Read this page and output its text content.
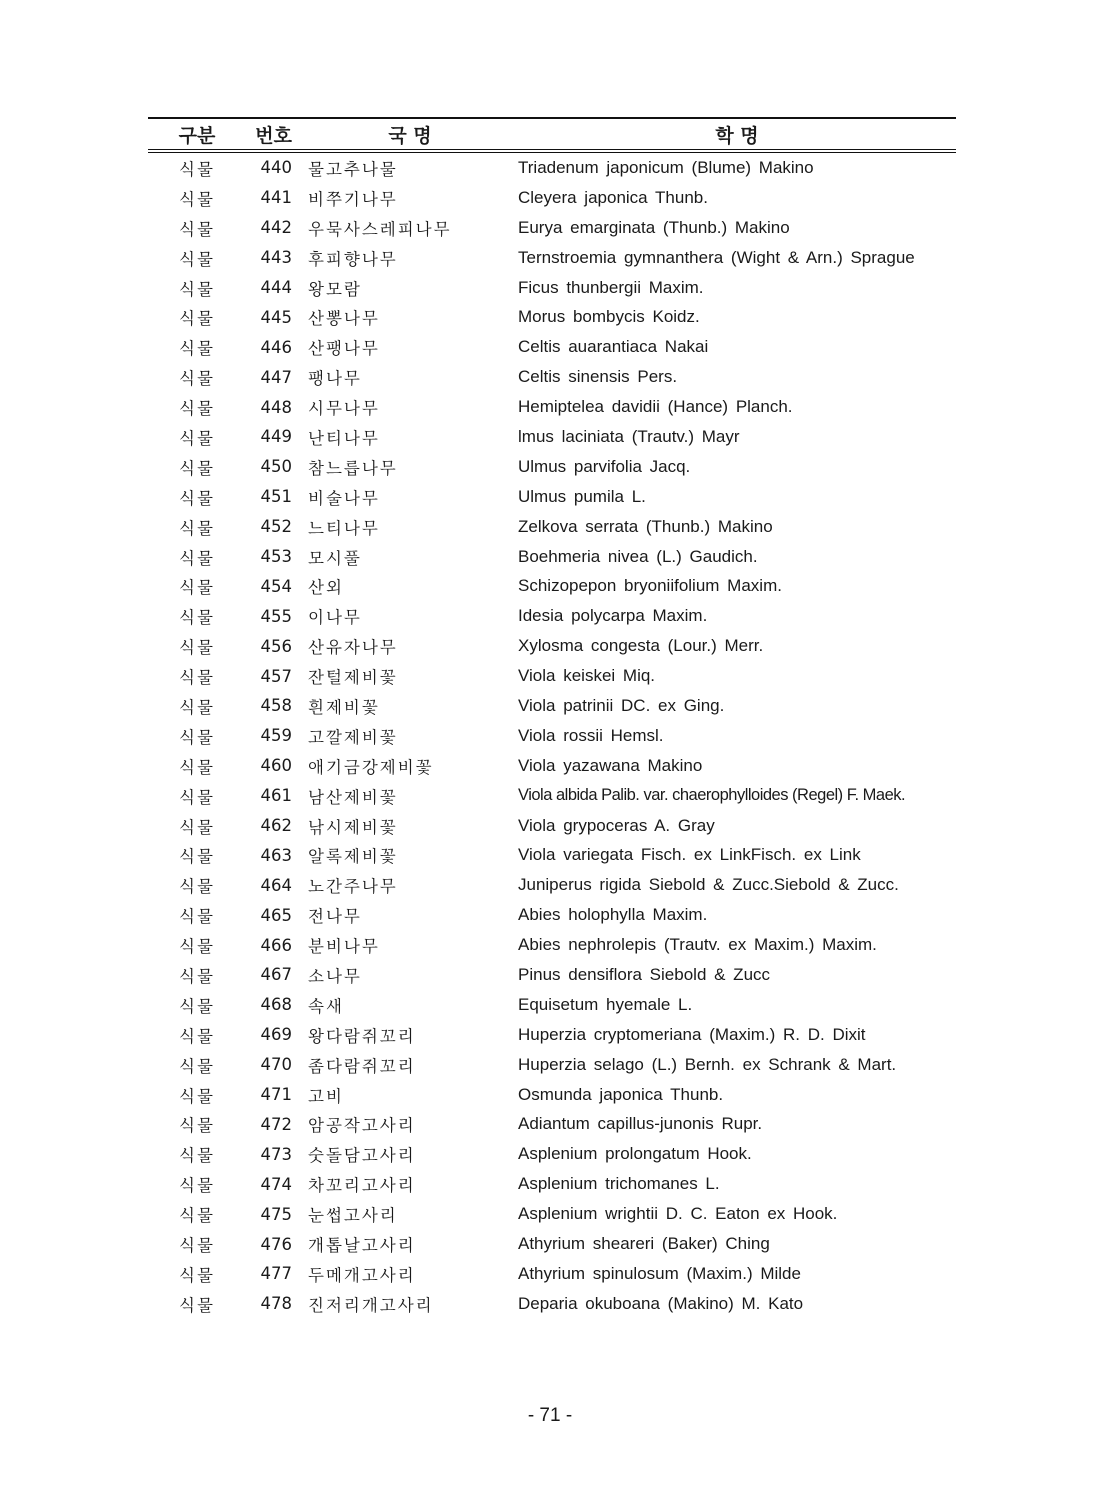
구분	번호	국 명	학 명
식물	440	물고추나물	Triadenum japonicum (Blume) Makino
식물	441	비쭈기나무	Cleyera japonica Thunb.
식물	442	우묵사스레피나무	Eurya emarginata (Thunb.) Makino
식물	443	후피향나무	Ternstroemia gymnanthera (Wight & Arn.) Sprague
식물	444	왕모람	Ficus thunbergii Maxim.
식물	445	산뽕나무	Morus bombycis Koidz.
식물	446	산팽나무	Celtis auarantiaca Nakai
식물	447	팽나무	Celtis sinensis Pers.
식물	448	시무나무	Hemiptelea davidii (Hance) Planch.
식물	449	난티나무	lmus laciniata (Trautv.) Mayr
식물	450	참느릅나무	Ulmus parvifolia Jacq.
식물	451	비술나무	Ulmus pumila L.
식물	452	느티나무	Zelkova serrata (Thunb.) Makino
식물	453	모시풀	Boehmeria nivea (L.) Gaudich.
식물	454	산외	Schizopepon bryoniifolium Maxim.
식물	455	이나무	Idesia polycarpa Maxim.
식물	456	산유자나무	Xylosma congesta (Lour.) Merr.
식물	457	잔털제비꽃	Viola keiskei Miq.
식물	458	흰제비꽃	Viola patrinii DC. ex Ging.
식물	459	고깔제비꽃	Viola rossii Hemsl.
식물	460	애기금강제비꽃	Viola yazawana Makino
식물	461	남산제비꽃	Viola albida Palib. var. chaerophylloides (Regel) F. Maek.
식물	462	낚시제비꽃	Viola grypoceras A. Gray
식물	463	알록제비꽃	Viola variegata Fisch. ex LinkFisch. ex Link
식물	464	노간주나무	Juniperus rigida Siebold & Zucc.Siebold & Zucc.
식물	465	전나무	Abies holophylla Maxim.
식물	466	분비나무	Abies nephrolepis (Trautv. ex Maxim.) Maxim.
식물	467	소나무	Pinus densiflora Siebold & Zucc
식물	468	속새	Equisetum hyemale L.
식물	469	왕다람쥐꼬리	Huperzia cryptomeriana (Maxim.) R. D. Dixit
식물	470	좀다람쥐꼬리	Huperzia selago (L.) Bernh. ex Schrank & Mart.
식물	471	고비	Osmunda japonica Thunb.
식물	472	암공작고사리	Adiantum capillus-junonis Rupr.
식물	473	숫돌담고사리	Asplenium prolongatum Hook.
식물	474	차꼬리고사리	Asplenium trichomanes L.
식물	475	눈썹고사리	Asplenium wrightii D. C. Eaton ex Hook.
식물	476	개톱날고사리	Athyrium sheareri (Baker) Ching
식물	477	두메개고사리	Athyrium spinulosum (Maxim.) Milde
식물	478	진저리개고사리	Deparia okuboana (Makino) M. Kato
- 71 -
